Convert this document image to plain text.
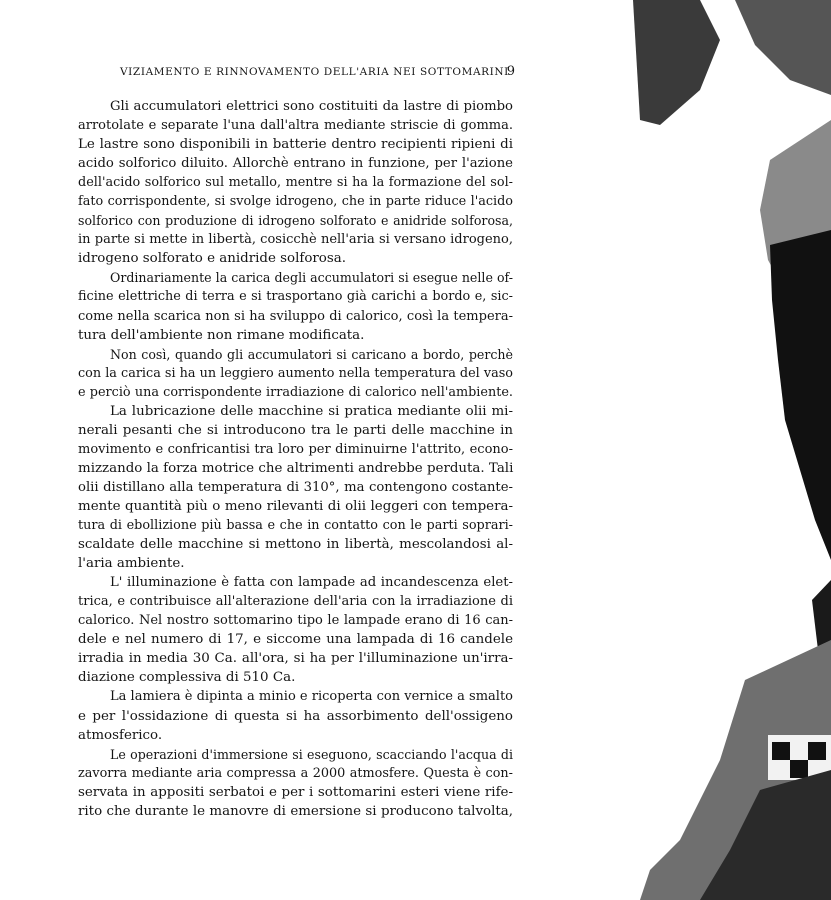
VIZIAMENTO E RINNOVAMENTO DELL'ARIA NEI SOTTOMARINI
9
Gli accumulatori elettrici sono costituiti da lastre di piombo
arrotolate e separate l'una dall'altra mediante striscie di gomma.
Le lastre sono disponibili in batterie dentro recipienti ripieni di
acido solforico diluito. Allorchè entrano in funzione, per l'azione
dell'acido solforico sul metallo, mentre si ha la formazione del sol-
fato corrispondente, si svolge idrogeno, che in parte riduce l'acido
solforico con produzione di idrogeno solforato e anidride solforosa,
in parte si mette in libertà, cosicchè nell'aria si versano idrogeno,
idrogeno solforato e anidride solforosa.
Ordinariamente la carica degli accumulatori si esegue nelle of-
ficine elettriche di terra e si trasportano già carichi a bordo e, sic-
come nella scarica non si ha sviluppo di calorico, così la tempera-
tura dell'ambiente non rimane modificata.
Non così, quando gli accumulatori si caricano a bordo, perchè
con la carica si ha un leggiero aumento nella temperatura del vaso
e perciò una corrispondente irradiazione di calorico nell'ambiente.
La lubricazione delle macchine si pratica mediante olii mi-
nerali pesanti che si introducono tra le parti delle macchine in
movimento e confricantisi tra loro per diminuirne l'attrito, econo-
mizzando la forza motrice che altrimenti andrebbe perduta. Tali
olii distillano alla temperatura di 310°, ma contengono costante-
mente quantità più o meno rilevanti di olii leggeri con tempera-
tura di ebollizione più bassa e che in contatto con le parti soprari-
scaldate delle macchine si mettono in libertà, mescolandosi al-
l'aria ambiente.
L' illuminazione è fatta con lampade ad incandescenza elet-
trica, e contribuisce all'alterazione dell'aria con la irradiazione di
calorico. Nel nostro sottomarino tipo le lampade erano di 16 can-
dele e nel numero di 17, e siccome una lampada di 16 candele
irradia in media 30 Ca. all'ora, si ha per l'illuminazione un'irra-
diazione complessiva di 510 Ca.
La lamiera è dipinta a minio e ricoperta con vernice a smalto
e per l'ossidazione di questa si ha assorbimento dell'ossigeno
atmosferico.
Le operazioni d'immersione si eseguono, scacciando l'acqua di
zavorra mediante aria compressa a 2000 atmosfere. Questa è con-
servata in appositi serbatoi e per i sottomarini esteri viene rife-
rito che durante le manovre di emersione si producono talvolta,
